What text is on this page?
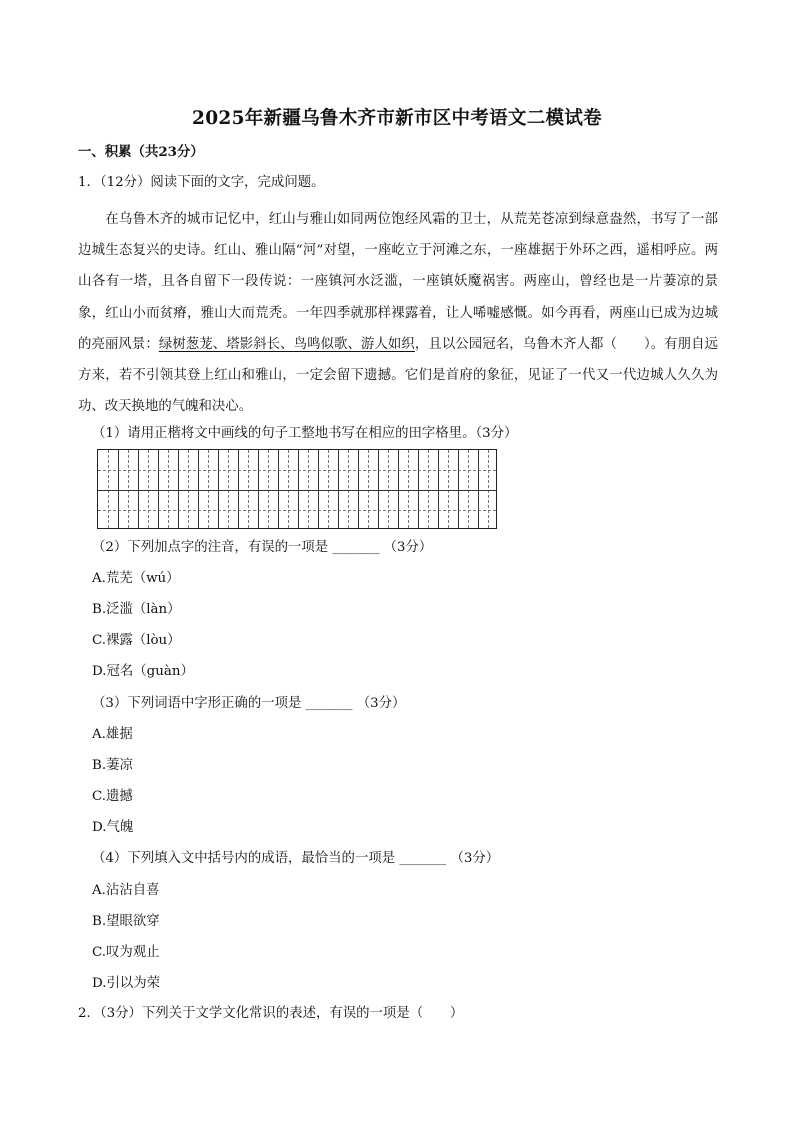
2025年新疆乌鲁木齐市新市区中考语文二模试卷
一、积累（共23分）
1．（12分）阅读下面的文字，完成问题。
　　在乌鲁木齐的城市记忆中，红山与雅山如同两位饱经风霜的卫士，从荒芜苍凉到绿意盎然，书写了一部边城生态复兴的史诗。红山、雅山隔“河”对望，一座屹立于河滩之东，一座雄据于外环之西，遥相呼应。两山各有一塔，且各自留下一段传说：一座镇河水泛滥，一座镇妖魔祸害。两座山，曾经也是一片萋凉的景象，红山小而贫瘠，雅山大而荒秃。一年四季就那样裸露着，让人唏嘘感慨。如今再看，两座山已成为边城的亮丽风景：绿树葱茏、塔影斜长、鸟鸣似歌、游人如织，且以公园冠名，乌鲁木齐人都（　　）。有朋自远方来，若不引领其登上红山和雅山，一定会留下遗撼。它们是首府的象征，见证了一代又一代边城人久久为功、改天换地的气魄和决心。
（1）请用正楷将文中画线的句子工整地书写在相应的田字格里。（3分）
（2）下列加点字的注音，有误的一项是 _______ （3分）
A.荒芜（wú）
B.泛滥（làn）
C.裸露（lòu）
D.冠名（guàn）
（3）下列词语中字形正确的一项是 _______ （3分）
A.雄据
B.萋凉
C.遗撼
D.气魄
（4）下列填入文中括号内的成语，最恰当的一项是 _______ （3分）
A.沾沾自喜
B.望眼欲穿
C.叹为观止
D.引以为荣
2．（3分）下列关于文学文化常识的表述，有误的一项是（　　）
